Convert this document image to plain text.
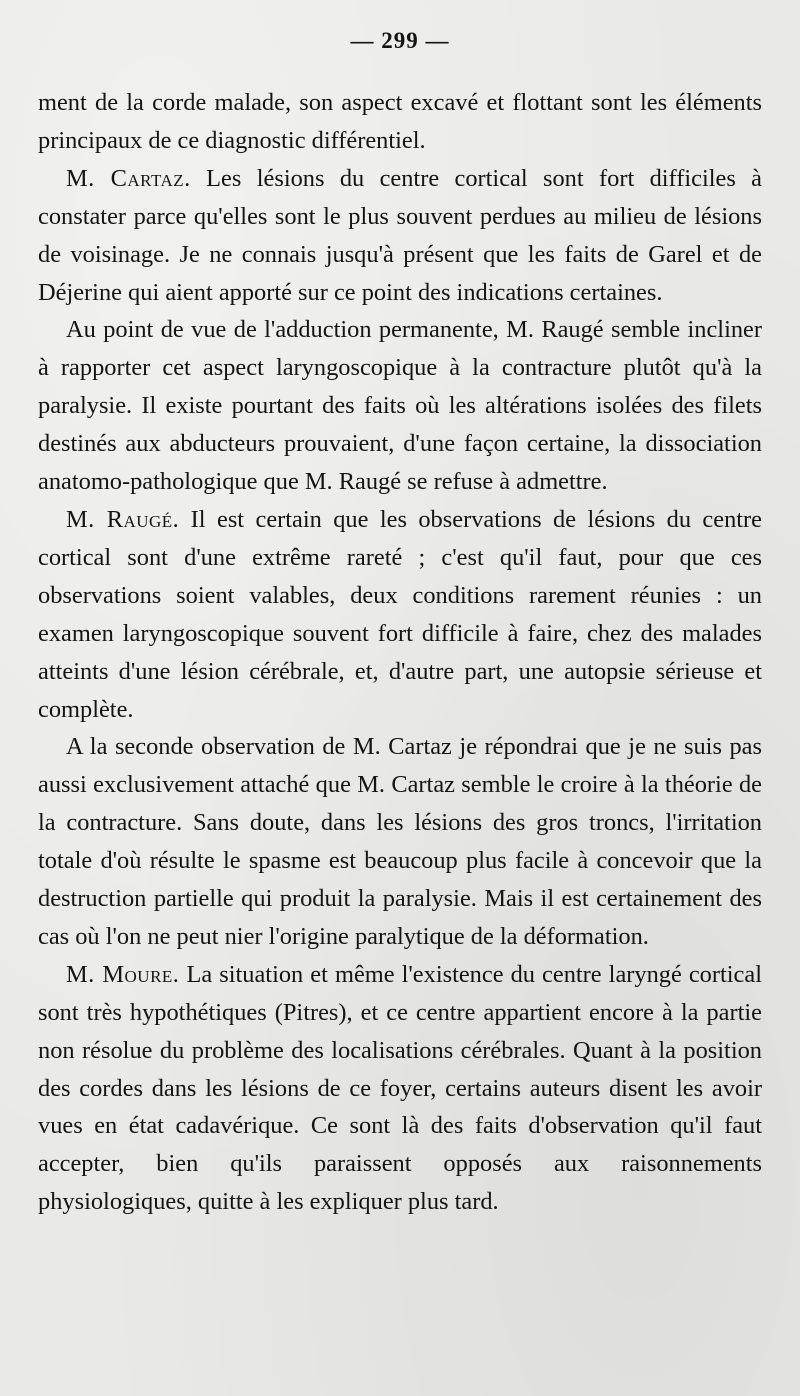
— 299 —

ment de la corde malade, son aspect excavé et flottant sont les éléments principaux de ce diagnostic différentiel.

M. Cartaz. Les lésions du centre cortical sont fort difficiles à constater parce qu'elles sont le plus souvent perdues au milieu de lésions de voisinage. Je ne connais jusqu'à présent que les faits de Garel et de Déjerine qui aient apporté sur ce point des indications certaines.

Au point de vue de l'adduction permanente, M. Raugé semble incliner à rapporter cet aspect laryngoscopique à la contracture plutôt qu'à la paralysie. Il existe pourtant des faits où les altérations isolées des filets destinés aux abducteurs prouvaient, d'une façon certaine, la dissociation anatomo-pathologique que M. Raugé se refuse à admettre.

M. Raugé. Il est certain que les observations de lésions du centre cortical sont d'une extrême rareté ; c'est qu'il faut, pour que ces observations soient valables, deux conditions rarement réunies : un examen laryngoscopique souvent fort difficile à faire, chez des malades atteints d'une lésion cérébrale, et, d'autre part, une autopsie sérieuse et complète.

A la seconde observation de M. Cartaz je répondrai que je ne suis pas aussi exclusivement attaché que M. Cartaz semble le croire à la théorie de la contracture. Sans doute, dans les lésions des gros troncs, l'irritation totale d'où résulte le spasme est beaucoup plus facile à concevoir que la destruction partielle qui produit la paralysie. Mais il est certainement des cas où l'on ne peut nier l'origine paralytique de la déformation.

M. Moure. La situation et même l'existence du centre laryngé cortical sont très hypothétiques (Pitres), et ce centre appartient encore à la partie non résolue du problème des localisations cérébrales. Quant à la position des cordes dans les lésions de ce foyer, certains auteurs disent les avoir vues en état cadavérique. Ce sont là des faits d'observation qu'il faut accepter, bien qu'ils paraissent opposés aux raisonnements physiologiques, quitte à les expliquer plus tard.
